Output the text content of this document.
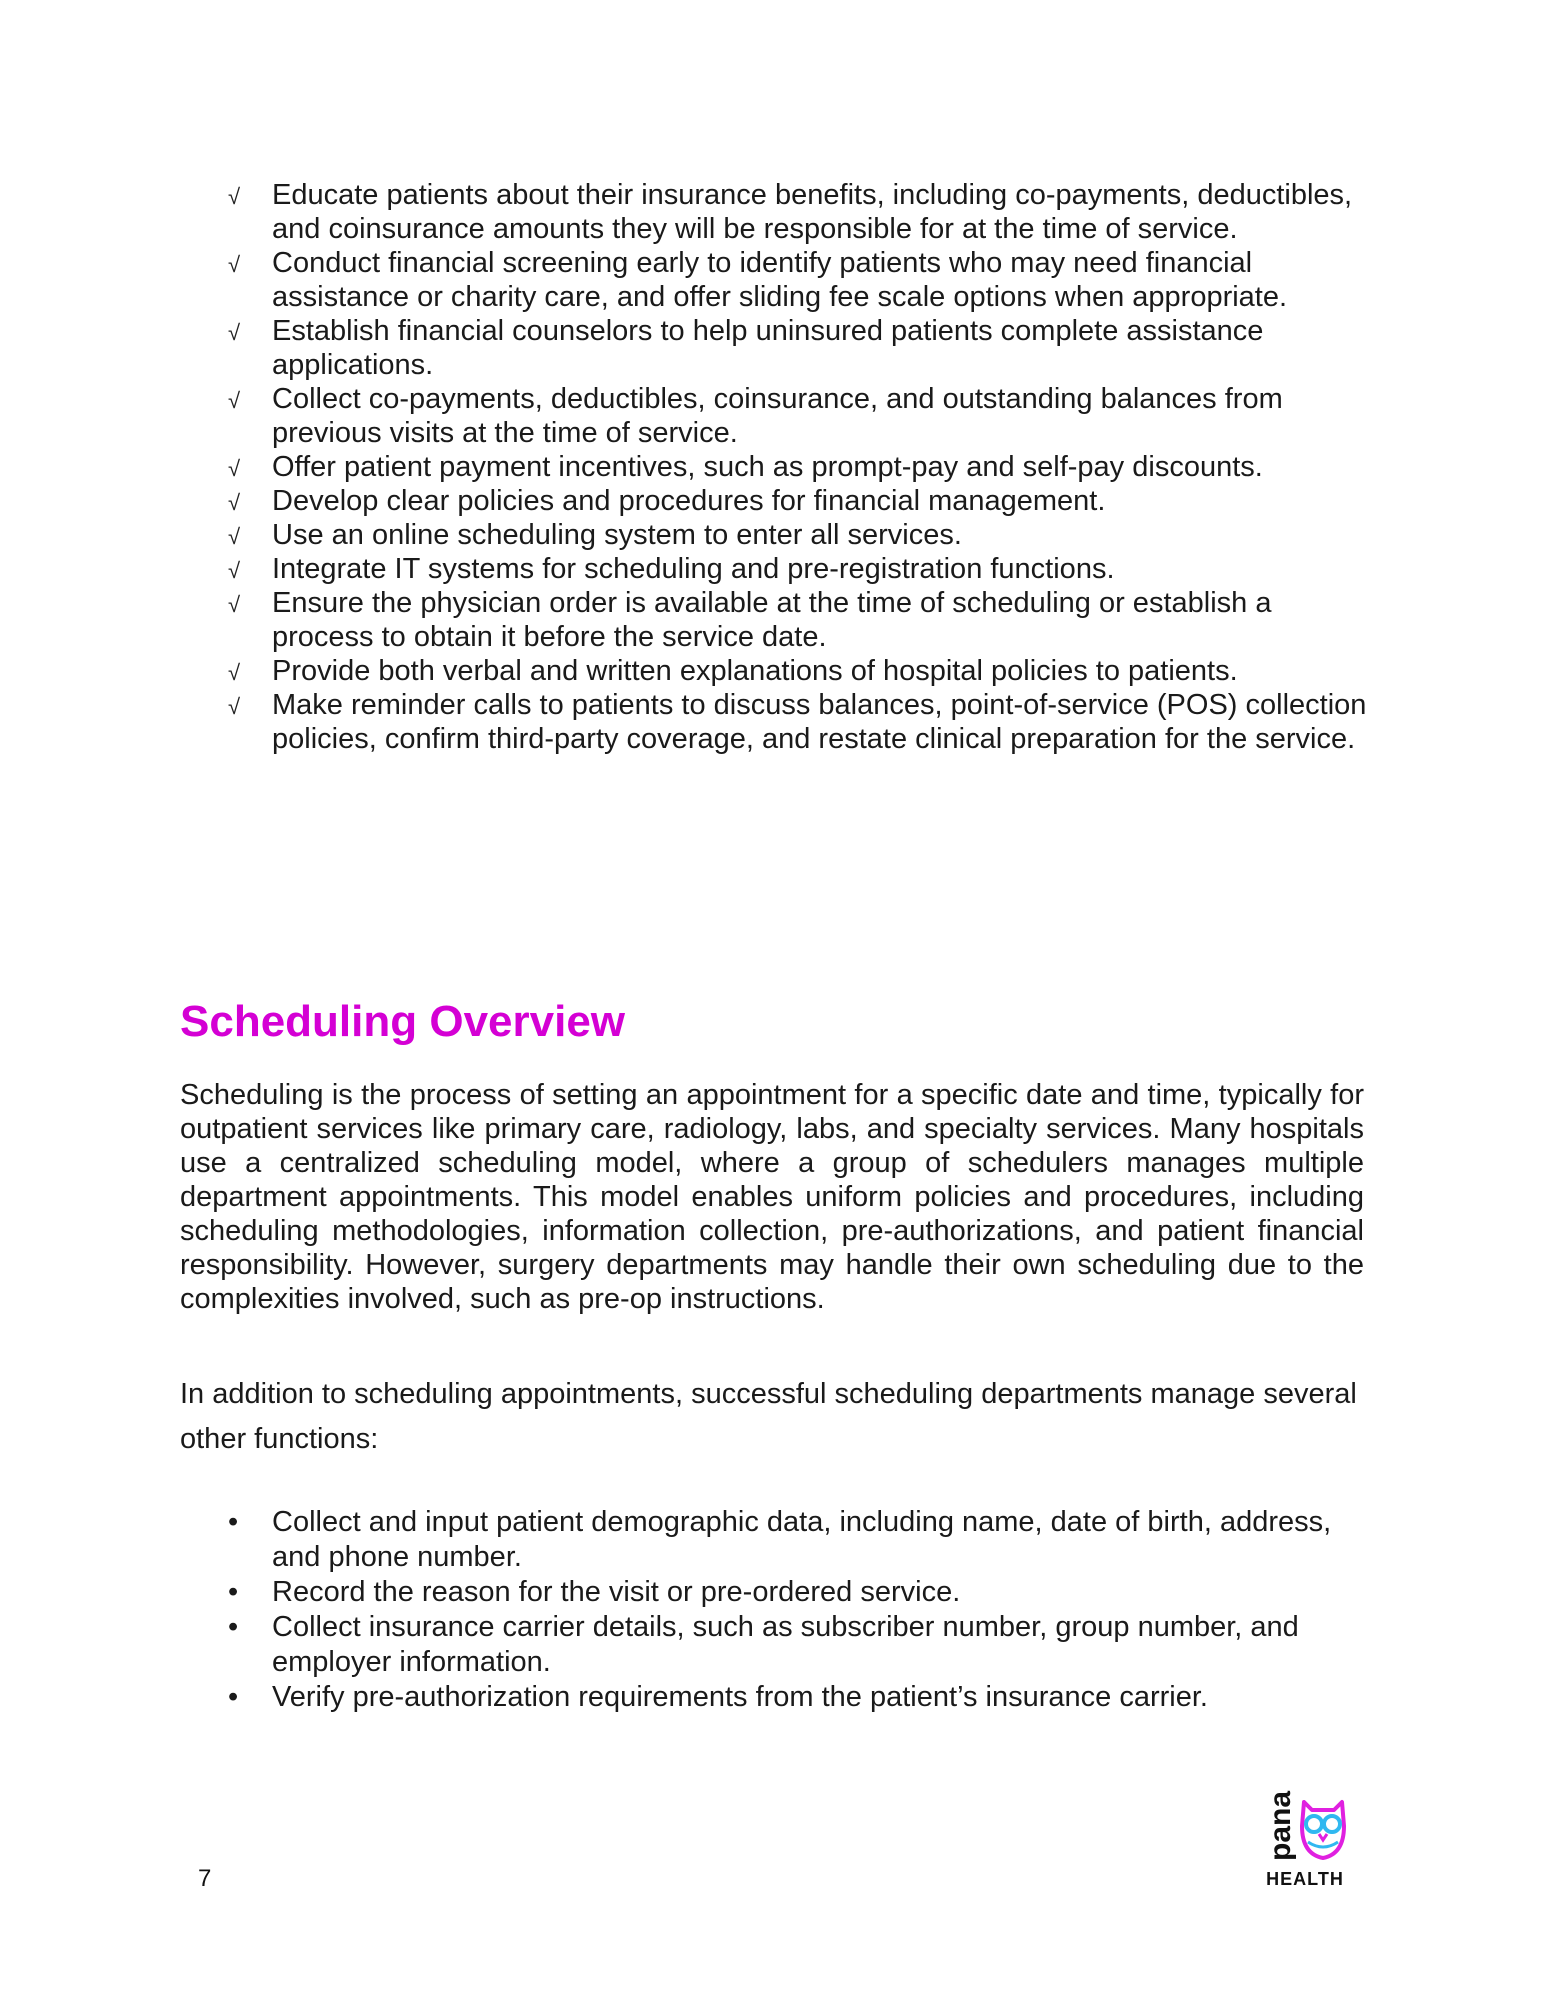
√ Educate patients about their insurance benefits, including co-payments, deductibles, and coinsurance amounts they will be responsible for at the time of service.
√ Conduct financial screening early to identify patients who may need financial assistance or charity care, and offer sliding fee scale options when appropriate.
√ Establish financial counselors to help uninsured patients complete assistance applications.
√ Collect co-payments, deductibles, coinsurance, and outstanding balances from previous visits at the time of service.
√ Offer patient payment incentives, such as prompt-pay and self-pay discounts.
√ Develop clear policies and procedures for financial management.
√ Use an online scheduling system to enter all services.
√ Integrate IT systems for scheduling and pre-registration functions.
√ Ensure the physician order is available at the time of scheduling or establish a process to obtain it before the service date.
√ Provide both verbal and written explanations of hospital policies to patients.
√ Make reminder calls to patients to discuss balances, point-of-service (POS) collection policies, confirm third-party coverage, and restate clinical preparation for the service.
Scheduling Overview

Scheduling is the process of setting an appointment for a specific date and time, typically for outpatient services like primary care, radiology, labs, and specialty services. Many hospitals use a centralized scheduling model, where a group of schedulers manages multiple department appointments. This model enables uniform policies and procedures, including scheduling methodologies, information collection, pre-authorizations, and patient financial responsibility. However, surgery departments may handle their own scheduling due to the complexities involved, such as pre-op instructions.

In addition to scheduling appointments, successful scheduling departments manage several other functions:

• Collect and input patient demographic data, including name, date of birth, address, and phone number.
• Record the reason for the visit or pre-ordered service.
• Collect insurance carrier details, such as subscriber number, group number, and employer information.
• Verify pre-authorization requirements from the patient’s insurance carrier.
7
pana
HEALTH
